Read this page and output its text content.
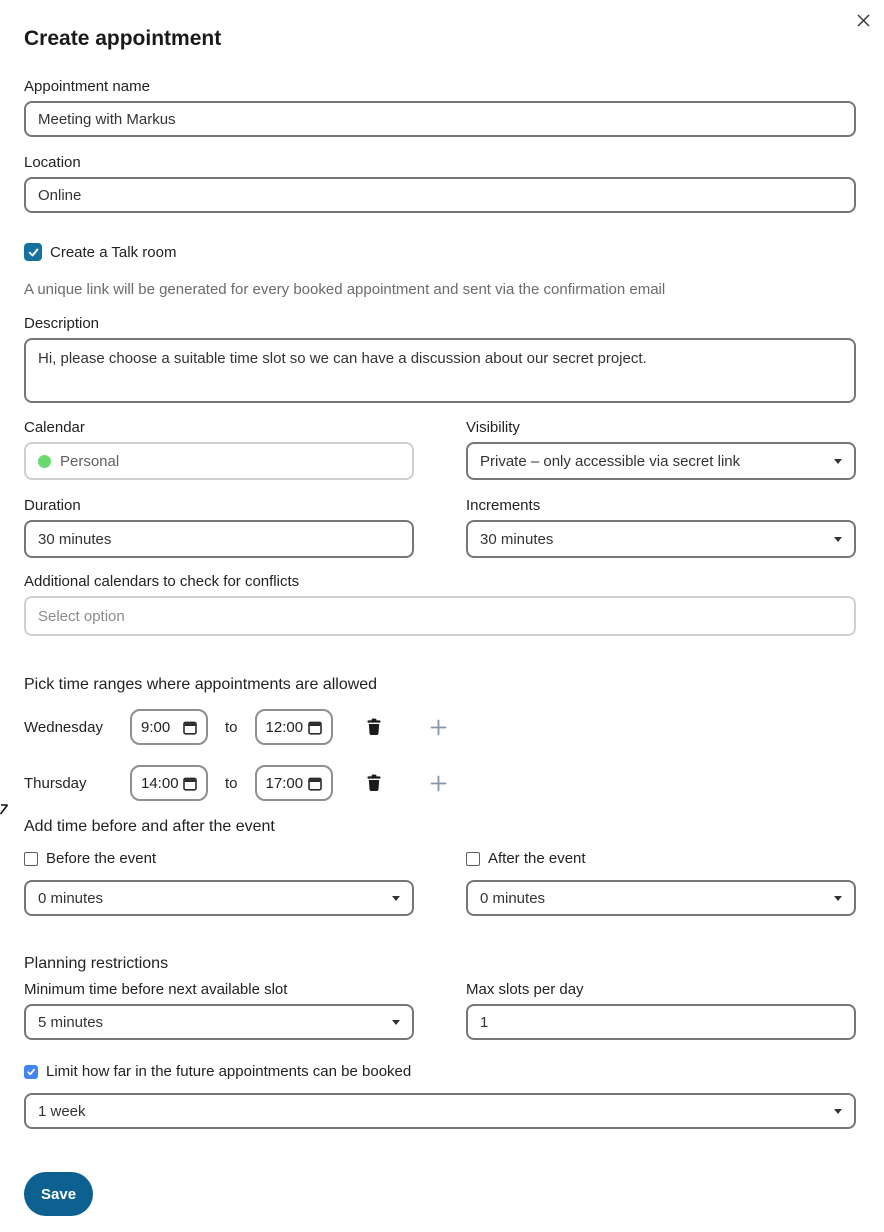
Create appointment
Appointment name
Meeting with Markus
Location
Online
Create a Talk room
A unique link will be generated for every booked appointment and sent via the confirmation email
Description
Hi, please choose a suitable time slot so we can have a discussion about our secret project.
Calendar
Personal
Visibility
Private – only accessible via secret link
Duration
30 minutes	Increments
30 minutes
Additional calendars to check for conflicts
Select option
Pick time ranges where appointments are allowed
Wednesday	9:00	to 12:00
Thursday	14:00	to 17:00
Add time before and after the event
Before the event
0 minutes
After the event
0 minutes
Planning restrictions
Minimum time before next available slot
5 minutes
Max slots per day
1
Limit how far in the future appointments can be booked
1 week
Save
